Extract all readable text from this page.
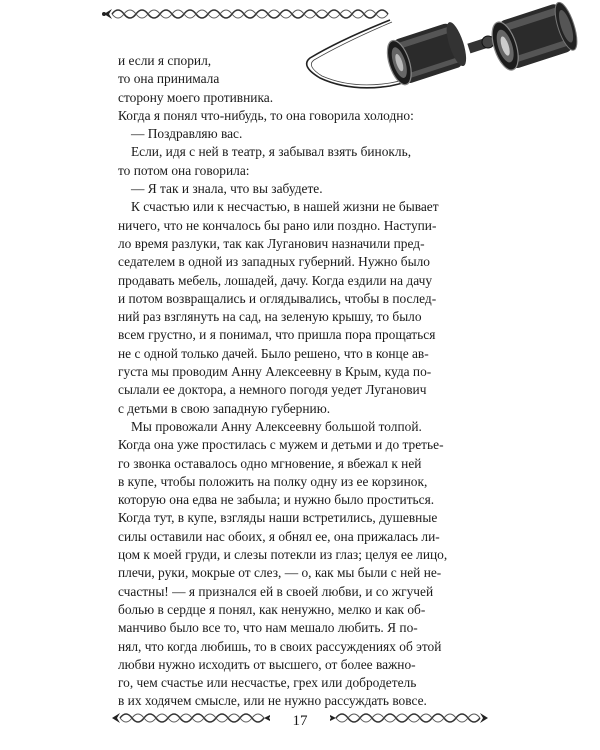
и если я спорил,

то она принимала

сторону моего противника.

Когда я понял что-нибудь, то она говорила холодно:

— Поздравляю вас.

Если, идя с ней в театр, я забывал взять бинокль,

то потом она говорила:

— Я так и знала, что вы забудете.

К счастью или к несчастью, в нашей жизни не бывает

ничего, что не кончалось бы рано или поздно. Наступи-

ло время разлуки, так как Луганович назначили пред-

седателем в одной из западных губерний. Нужно было

продавать мебель, лошадей, дачу. Когда ездили на дачу

и потом возвращались и оглядывались, чтобы в послед-

ний раз взглянуть на сад, на зеленую крышу, то было

всем грустно, и я понимал, что пришла пора прощаться

не с одной только дачей. Было решено, что в конце ав-

густа мы проводим Анну Алексеевну в Крым, куда по-

сылали ее доктора, а немного погодя уедет Луганович

с детьми в свою западную губернию.

Мы провожали Анну Алексеевну большой толпой.

Когда она уже простилась с мужем и детьми и до третье-

го звонка оставалось одно мгновение, я вбежал к ней

в купе, чтобы положить на полку одну из ее корзинок,

которую она едва не забыла; и нужно было проститься.

Когда тут, в купе, взгляды наши встретились, душевные

силы оставили нас обоих, я обнял ее, она прижалась ли-

цом к моей груди, и слезы потекли из глаз; целуя ее лицо,

плечи, руки, мокрые от слез, — о, как мы были с ней не-

счастны! — я признался ей в своей любви, и со жгучей

болью в сердце я понял, как ненужно, мелко и как об-

манчиво было все то, что нам мешало любить. Я по-

нял, что когда любишь, то в своих рассуждениях об этой

любви нужно исходить от высшего, от более важно-

го, чем счастье или несчастье, грех или добродетель

в их ходячем смысле, или не нужно рассуждать вовсе.

17
